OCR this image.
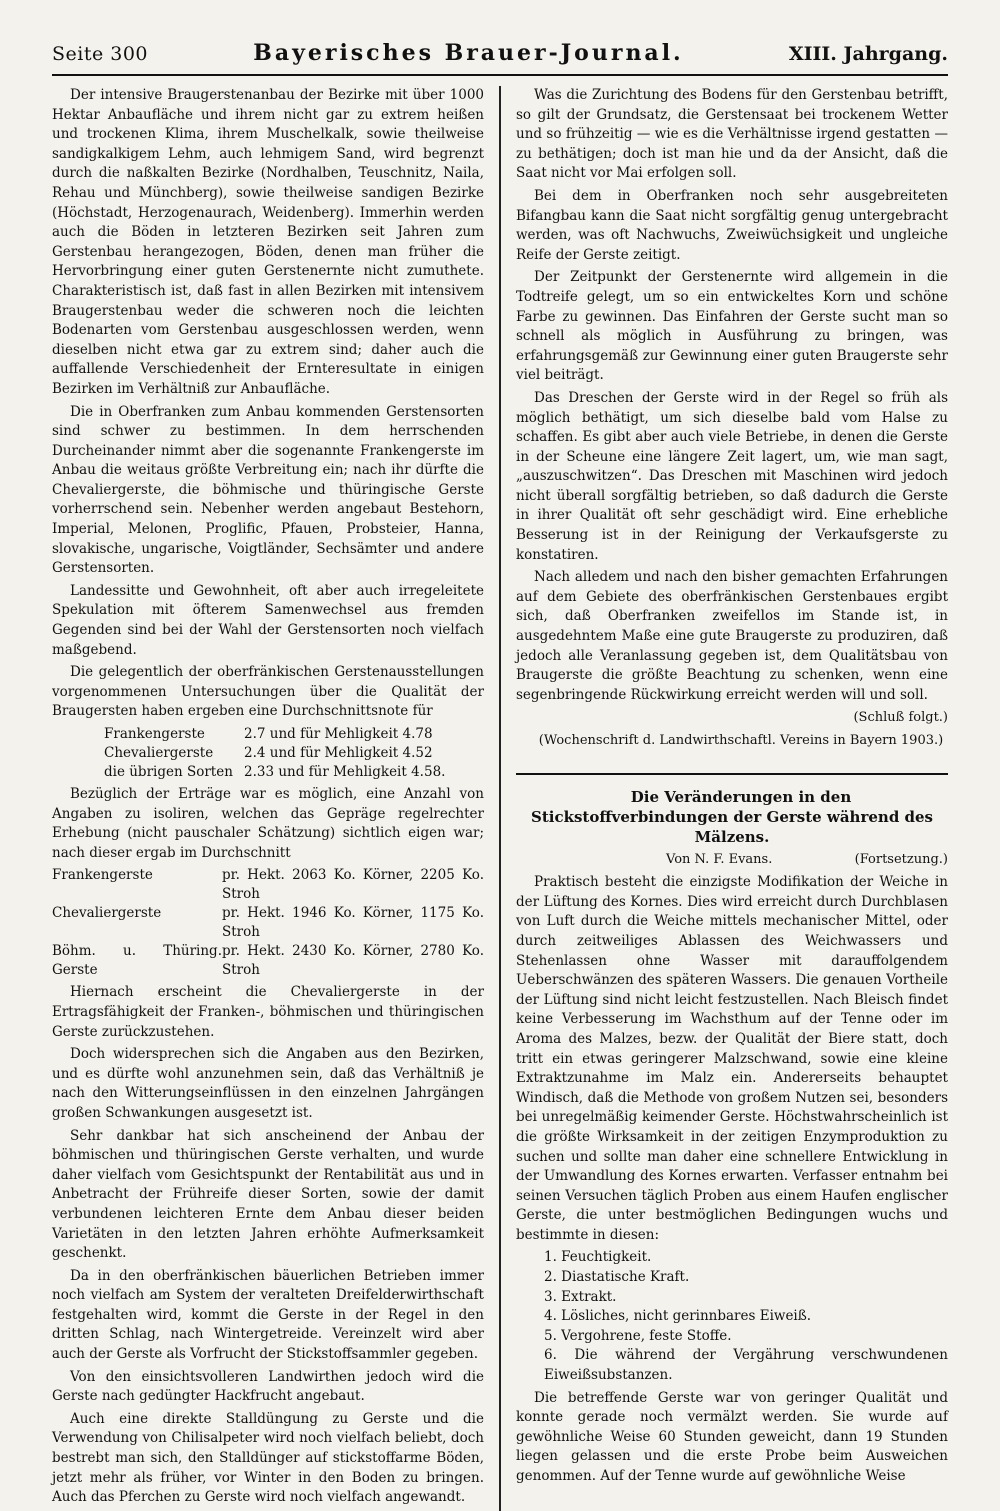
Seite 300	Bayerisches Brauer-Journal.	XIII. Jahrgang.

Der intensive Braugerstenanbau der Bezirke mit über 1000 Hektar Anbaufläche und ihrem nicht gar zu extrem heißen und trockenen Klima, ihrem Muschelkalk, sowie theilweise sandigkalkigem Lehm, auch lehmigem Sand, wird begrenzt durch die naßkalten Bezirke (Nordhalben, Teuschnitz, Naila, Rehau und Münchberg), sowie theilweise sandigen Bezirke (Höchstadt, Herzogenaurach, Weidenberg). Immerhin werden auch die Böden in letzteren Bezirken seit Jahren zum Gerstenbau herangezogen, Böden, denen man früher die Hervorbringung einer guten Gerstenernte nicht zumuthete. Charakteristisch ist, daß fast in allen Bezirken mit intensivem Braugerstenbau weder die schweren noch die leichten Bodenarten vom Gerstenbau ausgeschlossen werden, wenn dieselben nicht etwa gar zu extrem sind; daher auch die auffallende Verschiedenheit der Ernteresultate in einigen Bezirken im Verhältniß zur Anbaufläche.

Die in Oberfranken zum Anbau kommenden Gerstensorten sind schwer zu bestimmen. In dem herrschenden Durcheinander nimmt aber die sogenannte Frankengerste im Anbau die weitaus größte Verbreitung ein; nach ihr dürfte die Chevaliergerste, die böhmische und thüringische Gerste vorherrschend sein. Nebenher werden angebaut Bestehorn, Imperial, Melonen, Proglific, Pfauen, Probsteier, Hanna, slovakische, ungarische, Voigtländer, Sechsämter und andere Gerstensorten.

Landessitte und Gewohnheit, oft aber auch irregeleitete Spekulation mit öfterem Samenwechsel aus fremden Gegenden sind bei der Wahl der Gerstensorten noch vielfach maßgebend.

Die gelegentlich der oberfränkischen Gerstenausstellungen vorgenommenen Untersuchungen über die Qualität der Braugersten haben ergeben eine Durchschnittsnote für

Frankengerste	2.7 und für Mehligkeit 4.78
Chevaliergerste	2.4 und für Mehligkeit 4.52
die übrigen Sorten	2.33 und für Mehligkeit 4.58.

Bezüglich der Erträge war es möglich, eine Anzahl von Angaben zu isoliren, welchen das Gepräge regelrechter Erhebung (nicht pauschaler Schätzung) sichtlich eigen war; nach dieser ergab im Durchschnitt

Frankengerste	pr. Hekt. 2063 Ko. Körner, 2205 Ko. Stroh
Chevaliergerste	pr. Hekt. 1946 Ko. Körner, 1175 Ko. Stroh
Böhm. u. Thüring. Gerste	pr. Hekt. 2430 Ko. Körner, 2780 Ko. Stroh

Hiernach erscheint die Chevaliergerste in der Ertragsfähigkeit der Franken-, böhmischen und thüringischen Gerste zurückzustehen.

Doch widersprechen sich die Angaben aus den Bezirken, und es dürfte wohl anzunehmen sein, daß das Verhältniß je nach den Witterungseinflüssen in den einzelnen Jahrgängen großen Schwankungen ausgesetzt ist.

Sehr dankbar hat sich anscheinend der Anbau der böhmischen und thüringischen Gerste verhalten, und wurde daher vielfach vom Gesichtspunkt der Rentabilität aus und in Anbetracht der Frühreife dieser Sorten, sowie der damit verbundenen leichteren Ernte dem Anbau dieser beiden Varietäten in den letzten Jahren erhöhte Aufmerksamkeit geschenkt.

Da in den oberfränkischen bäuerlichen Betrieben immer noch vielfach am System der veralteten Dreifelderwirthschaft festgehalten wird, kommt die Gerste in der Regel in den dritten Schlag, nach Wintergetreide. Vereinzelt wird aber auch der Gerste als Vorfrucht der Stickstoffsammler gegeben.

Von den einsichtsvolleren Landwirthen jedoch wird die Gerste nach gedüngter Hackfrucht angebaut.

Auch eine direkte Stalldüngung zu Gerste und die Verwendung von Chilisalpeter wird noch vielfach beliebt, doch bestrebt man sich, den Stalldünger auf stickstoffarme Böden, jetzt mehr als früher, vor Winter in den Boden zu bringen. Auch das Pferchen zu Gerste wird noch vielfach angewandt.

Was die Zurichtung des Bodens für den Gerstenbau betrifft, so gilt der Grundsatz, die Gerstensaat bei trockenem Wetter und so frühzeitig — wie es die Verhältnisse irgend gestatten — zu bethätigen; doch ist man hie und da der Ansicht, daß die Saat nicht vor Mai erfolgen soll.

Bei dem in Oberfranken noch sehr ausgebreiteten Bifangbau kann die Saat nicht sorgfältig genug untergebracht werden, was oft Nachwuchs, Zweiwüchsigkeit und ungleiche Reife der Gerste zeitigt.

Der Zeitpunkt der Gerstenernte wird allgemein in die Todtreife gelegt, um so ein entwickeltes Korn und schöne Farbe zu gewinnen. Das Einfahren der Gerste sucht man so schnell als möglich in Ausführung zu bringen, was erfahrungsgemäß zur Gewinnung einer guten Braugerste sehr viel beiträgt.

Das Dreschen der Gerste wird in der Regel so früh als möglich bethätigt, um sich dieselbe bald vom Halse zu schaffen. Es gibt aber auch viele Betriebe, in denen die Gerste in der Scheune eine längere Zeit lagert, um, wie man sagt, „auszuschwitzen“. Das Dreschen mit Maschinen wird jedoch nicht überall sorgfältig betrieben, so daß dadurch die Gerste in ihrer Qualität oft sehr geschädigt wird. Eine erhebliche Besserung ist in der Reinigung der Verkaufsgerste zu konstatiren.

Nach alledem und nach den bisher gemachten Erfahrungen auf dem Gebiete des oberfränkischen Gerstenbaues ergibt sich, daß Oberfranken zweifellos im Stande ist, in ausgedehntem Maße eine gute Braugerste zu produziren, daß jedoch alle Veranlassung gegeben ist, dem Qualitätsbau von Braugerste die größte Beachtung zu schenken, wenn eine segenbringende Rückwirkung erreicht werden will und soll.

(Schluß folgt.)

(Wochenschrift d. Landwirthschaftl. Vereins in Bayern 1903.)

Die Veränderungen in den Stickstoffverbindungen der Gerste während des Mälzens.

Von N. F. Evans.	(Fortsetzung.)

Praktisch besteht die einzigste Modifikation der Weiche in der Lüftung des Kornes. Dies wird erreicht durch Durchblasen von Luft durch die Weiche mittels mechanischer Mittel, oder durch zeitweiliges Ablassen des Weichwassers und Stehenlassen ohne Wasser mit darauffolgendem Ueberschwänzen des späteren Wassers. Die genauen Vortheile der Lüftung sind nicht leicht festzustellen. Nach Bleisch findet keine Verbesserung im Wachsthum auf der Tenne oder im Aroma des Malzes, bezw. der Qualität der Biere statt, doch tritt ein etwas geringerer Malzschwand, sowie eine kleine Extraktzunahme im Malz ein. Andererseits behauptet Windisch, daß die Methode von großem Nutzen sei, besonders bei unregelmäßig keimender Gerste. Höchstwahrscheinlich ist die größte Wirksamkeit in der zeitigen Enzymproduktion zu suchen und sollte man daher eine schnellere Entwicklung in der Umwandlung des Kornes erwarten. Verfasser entnahm bei seinen Versuchen täglich Proben aus einem Haufen englischer Gerste, die unter bestmöglichen Bedingungen wuchs und bestimmte in diesen:

1. Feuchtigkeit.
2. Diastatische Kraft.
3. Extrakt.
4. Lösliches, nicht gerinnbares Eiweiß.
5. Vergohrene, feste Stoffe.
6. Die während der Vergährung verschwundenen Eiweißsubstanzen.

Die betreffende Gerste war von geringer Qualität und konnte gerade noch vermälzt werden. Sie wurde auf gewöhnliche Weise 60 Stunden geweicht, dann 19 Stunden liegen gelassen und die erste Probe beim Ausweichen genommen. Auf der Tenne wurde auf gewöhnliche Weise
